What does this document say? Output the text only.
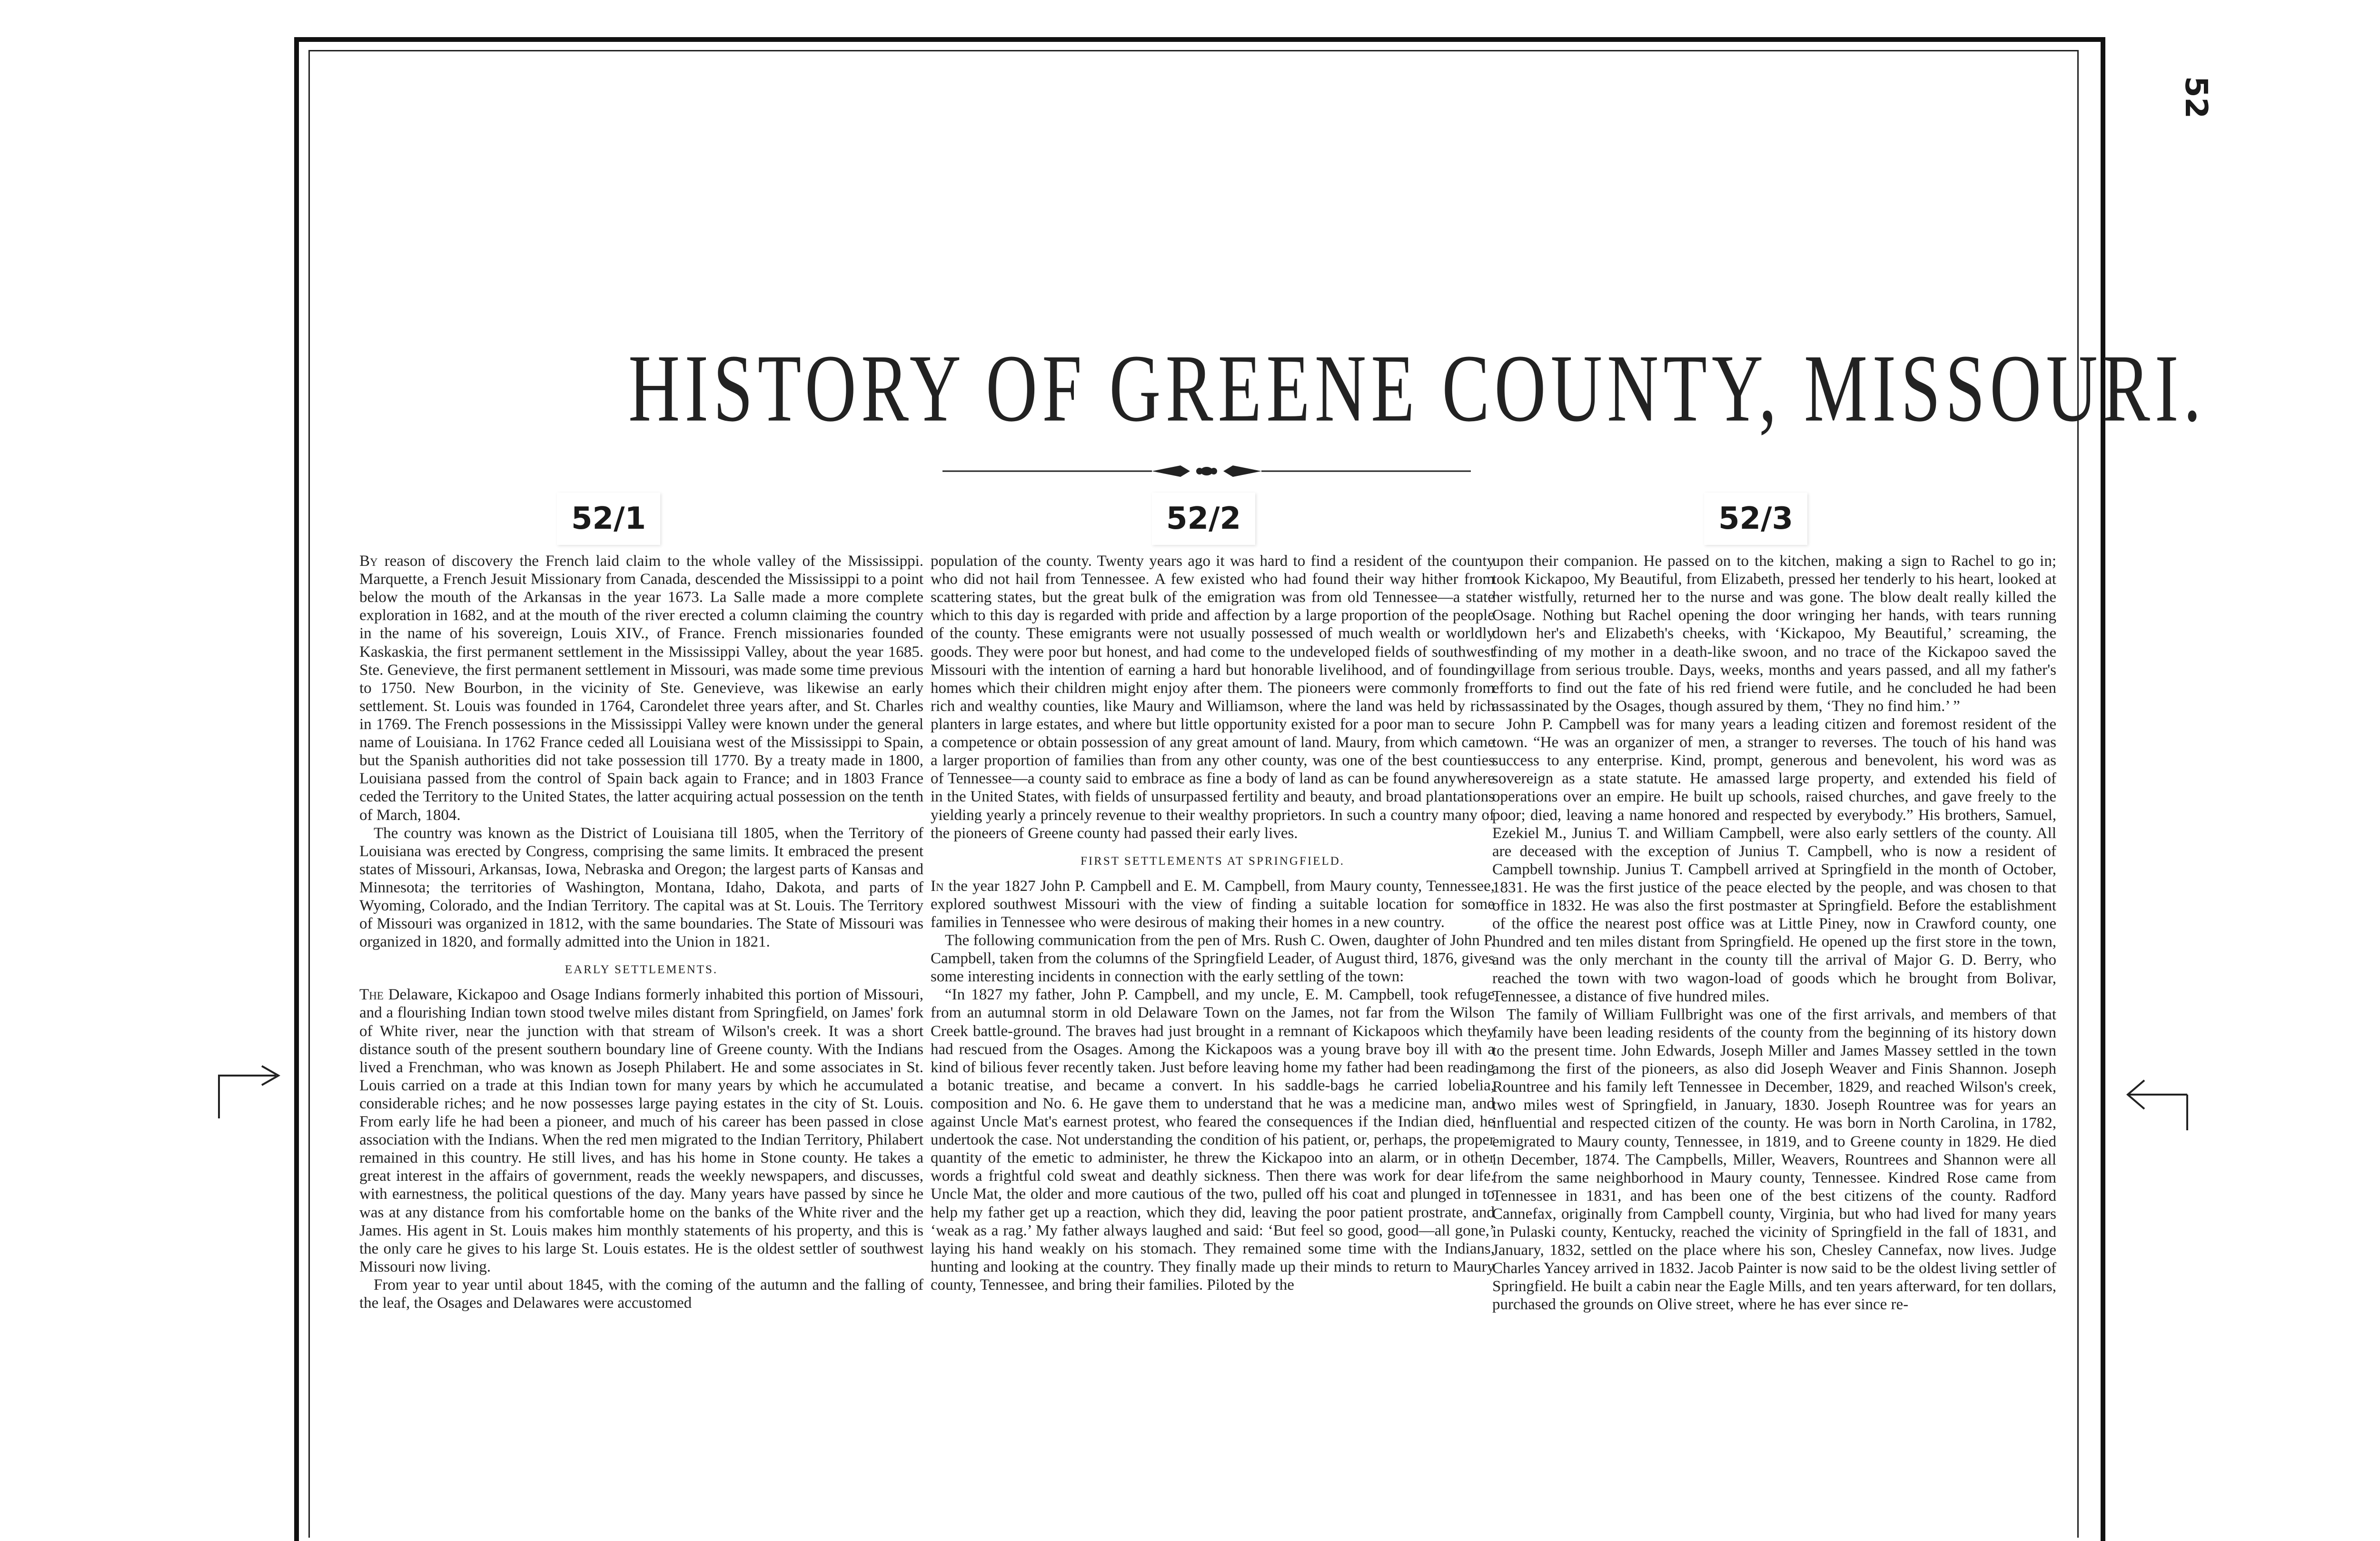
52
HISTORY OF GREENE COUNTY, MISSOURI.
52/1	52/2	52/3

By reason of discovery the French laid claim to the whole valley of the Mississippi. Marquette, a French Jesuit Missionary from Canada, descended the Mississippi to a point below the mouth of the Arkansas in the year 1673. La Salle made a more complete exploration in 1682, and at the mouth of the river erected a column claiming the country in the name of his sovereign, Louis XIV., of France. French missionaries founded Kaskaskia, the first permanent settlement in the Mississippi Valley, about the year 1685. Ste. Genevieve, the first permanent settlement in Missouri, was made some time previous to 1750. New Bourbon, in the vicinity of Ste. Genevieve, was likewise an early settlement. St. Louis was founded in 1764, Carondelet three years after, and St. Charles in 1769. The French possessions in the Mississippi Valley were known under the general name of Louisiana. In 1762 France ceded all Louisiana west of the Mississippi to Spain, but the Spanish authorities did not take possession till 1770. By a treaty made in 1800, Louisiana passed from the control of Spain back again to France; and in 1803 France ceded the Territory to the United States, the latter acquiring actual possession on the tenth of March, 1804.

The country was known as the District of Louisiana till 1805, when the Territory of Louisiana was erected by Congress, comprising the same limits. It embraced the present states of Missouri, Arkansas, Iowa, Nebraska and Oregon; the largest parts of Kansas and Minnesota; the territories of Washington, Montana, Idaho, Dakota, and parts of Wyoming, Colorado, and the Indian Territory. The capital was at St. Louis. The Territory of Missouri was organized in 1812, with the same boundaries. The State of Missouri was organized in 1820, and formally admitted into the Union in 1821.

EARLY SETTLEMENTS.

The Delaware, Kickapoo and Osage Indians formerly inhabited this portion of Missouri, and a flourishing Indian town stood twelve miles distant from Springfield, on James' fork of White river, near the junction with that stream of Wilson's creek. It was a short distance south of the present southern boundary line of Greene county. With the Indians lived a Frenchman, who was known as Joseph Philabert. He and some associates in St. Louis carried on a trade at this Indian town for many years by which he accumulated considerable riches; and he now possesses large paying estates in the city of St. Louis. From early life he had been a pioneer, and much of his career has been passed in close association with the Indians. When the red men migrated to the Indian Territory, Philabert remained in this country. He still lives, and has his home in Stone county. He takes a great interest in the affairs of government, reads the weekly newspapers, and discusses, with earnestness, the political questions of the day. Many years have passed by since he was at any distance from his comfortable home on the banks of the White river and the James. His agent in St. Louis makes him monthly statements of his property, and this is the only care he gives to his large St. Louis estates. He is the oldest settler of southwest Missouri now living.

From year to year until about 1845, with the coming of the autumn and the falling of the leaf, the Osages and Delawares were accustomed

population of the county. Twenty years ago it was hard to find a resident of the county who did not hail from Tennessee. A few existed who had found their way hither from scattering states, but the great bulk of the emigration was from old Tennessee—a state which to this day is regarded with pride and affection by a large proportion of the people of the county. These emigrants were not usually possessed of much wealth or worldly goods. They were poor but honest, and had come to the undeveloped fields of southwest Missouri with the intention of earning a hard but honorable livelihood, and of founding homes which their children might enjoy after them. The pioneers were commonly from rich and wealthy counties, like Maury and Williamson, where the land was held by rich planters in large estates, and where but little opportunity existed for a poor man to secure a competence or obtain possession of any great amount of land. Maury, from which came a larger proportion of families than from any other county, was one of the best counties of Tennessee—a county said to embrace as fine a body of land as can be found anywhere in the United States, with fields of unsurpassed fertility and beauty, and broad plantations yielding yearly a princely revenue to their wealthy proprietors. In such a country many of the pioneers of Greene county had passed their early lives.

FIRST SETTLEMENTS AT SPRINGFIELD.

In the year 1827 John P. Campbell and E. M. Campbell, from Maury county, Tennessee, explored southwest Missouri with the view of finding a suitable location for some families in Tennessee who were desirous of making their homes in a new country.

The following communication from the pen of Mrs. Rush C. Owen, daughter of John P. Campbell, taken from the columns of the Springfield Leader, of August third, 1876, gives some interesting incidents in connection with the early settling of the town:

“In 1827 my father, John P. Campbell, and my uncle, E. M. Campbell, took refuge from an autumnal storm in old Delaware Town on the James, not far from the Wilson Creek battle-ground. The braves had just brought in a remnant of Kickapoos which they had rescued from the Osages. Among the Kickapoos was a young brave boy ill with a kind of bilious fever recently taken. Just before leaving home my father had been reading a botanic treatise, and became a convert. In his saddle-bags he carried lobelia, composition and No. 6. He gave them to understand that he was a medicine man, and against Uncle Mat's earnest protest, who feared the consequences if the Indian died, he undertook the case. Not understanding the condition of his patient, or, perhaps, the proper quantity of the emetic to administer, he threw the Kickapoo into an alarm, or in other words a frightful cold sweat and deathly sickness. Then there was work for dear life. Uncle Mat, the older and more cautious of the two, pulled off his coat and plunged in to help my father get up a reaction, which they did, leaving the poor patient prostrate, and ‘weak as a rag.’ My father always laughed and said: ‘But feel so good, good—all gone,’ laying his hand weakly on his stomach. They remained some time with the Indians, hunting and looking at the country. They finally made up their minds to return to Maury county, Tennessee, and bring their families. Piloted by the

upon their companion. He passed on to the kitchen, making a sign to Rachel to go in; took Kickapoo, My Beautiful, from Elizabeth, pressed her tenderly to his heart, looked at her wistfully, returned her to the nurse and was gone. The blow dealt really killed the Osage. Nothing but Rachel opening the door wringing her hands, with tears running down her's and Elizabeth's cheeks, with ‘Kickapoo, My Beautiful,’ screaming, the finding of my mother in a death-like swoon, and no trace of the Kickapoo saved the village from serious trouble. Days, weeks, months and years passed, and all my father's efforts to find out the fate of his red friend were futile, and he concluded he had been assassinated by the Osages, though assured by them, ‘They no find him.’ ”

John P. Campbell was for many years a leading citizen and foremost resident of the town. “He was an organizer of men, a stranger to reverses. The touch of his hand was success to any enterprise. Kind, prompt, generous and benevolent, his word was as sovereign as a state statute. He amassed large property, and extended his field of operations over an empire. He built up schools, raised churches, and gave freely to the poor; died, leaving a name honored and respected by everybody.” His brothers, Samuel, Ezekiel M., Junius T. and William Campbell, were also early settlers of the county. All are deceased with the exception of Junius T. Campbell, who is now a resident of Campbell township. Junius T. Campbell arrived at Springfield in the month of October, 1831. He was the first justice of the peace elected by the people, and was chosen to that office in 1832. He was also the first postmaster at Springfield. Before the establishment of the office the nearest post office was at Little Piney, now in Crawford county, one hundred and ten miles distant from Springfield. He opened up the first store in the town, and was the only merchant in the county till the arrival of Major G. D. Berry, who reached the town with two wagon-load of goods which he brought from Bolivar, Tennessee, a distance of five hundred miles.

The family of William Fullbright was one of the first arrivals, and members of that family have been leading residents of the county from the beginning of its history down to the present time. John Edwards, Joseph Miller and James Massey settled in the town among the first of the pioneers, as also did Joseph Weaver and Finis Shannon. Joseph Rountree and his family left Tennessee in December, 1829, and reached Wilson's creek, two miles west of Springfield, in January, 1830. Joseph Rountree was for years an influential and respected citizen of the county. He was born in North Carolina, in 1782, emigrated to Maury county, Tennessee, in 1819, and to Greene county in 1829. He died in December, 1874. The Campbells, Miller, Weavers, Rountrees and Shannon were all from the same neighborhood in Maury county, Tennessee. Kindred Rose came from Tennessee in 1831, and has been one of the best citizens of the county. Radford Cannefax, originally from Campbell county, Virginia, but who had lived for many years in Pulaski county, Kentucky, reached the vicinity of Springfield in the fall of 1831, and January, 1832, settled on the place where his son, Chesley Cannefax, now lives. Judge Charles Yancey arrived in 1832. Jacob Painter is now said to be the oldest living settler of Springfield. He built a cabin near the Eagle Mills, and ten years afterward, for ten dollars, purchased the grounds on Olive street, where he has ever since re-
